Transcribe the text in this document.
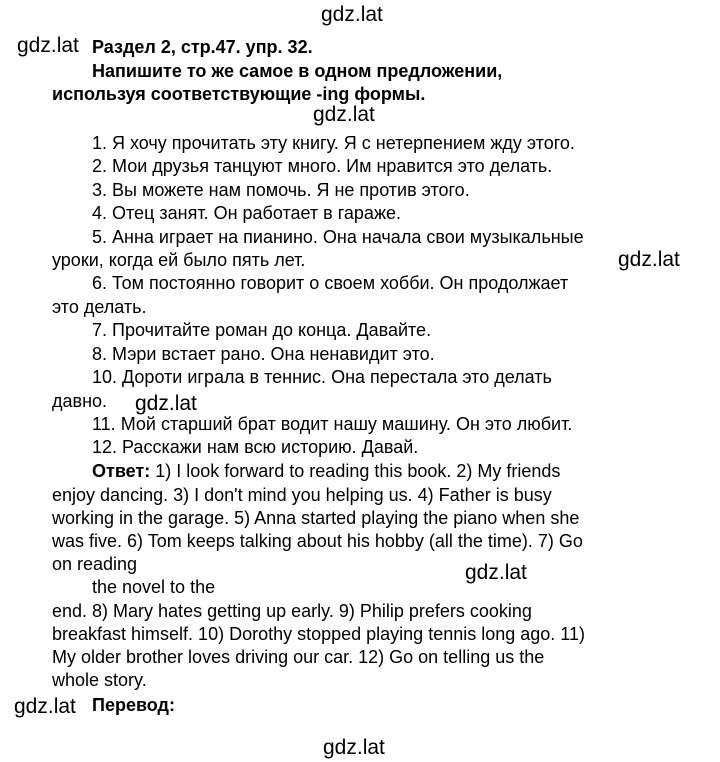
gdz.lat
gdz.lat
gdz.lat
gdz.lat
gdz.lat
gdz.lat
gdz.lat
gdz.lat
Раздел 2, стр.47. упр. 32.
Напишите то же самое в одном предложении,
используя соответствующие -ing формы.
1. Я хочу прочитать эту книгу. Я с нетерпением жду этого.
2. Мои друзья танцуют много. Им нравится это делать.
3. Вы можете нам помочь. Я не против этого.
4. Отец занят. Он работает в гараже.
5. Анна играет на пианино. Она начала свои музыкальные
уроки, когда ей было пять лет.
6. Том постоянно говорит о своем хобби. Он продолжает
это делать.
7. Прочитайте роман до конца. Давайте.
8. Мэри встает рано. Она ненавидит это.
10. Дороти играла в теннис. Она перестала это делать
давно.
11. Мой старший брат водит нашу машину. Он это любит.
12. Расскажи нам всю историю. Давай.
Ответ: 1) I look forward to reading this book. 2) My friends
enjoy dancing. 3) I don't mind you helping us. 4) Father is busy
working in the garage. 5) Anna started playing the piano when she
was five. 6) Tom keeps talking about his hobby (all the time). 7) Go
on reading
the novel to the
end. 8) Mary hates getting up early. 9) Philip prefers cooking
breakfast himself. 10) Dorothy stopped playing tennis long ago. 11)
My older brother loves driving our car. 12) Go on telling us the
whole story.
Перевод:
